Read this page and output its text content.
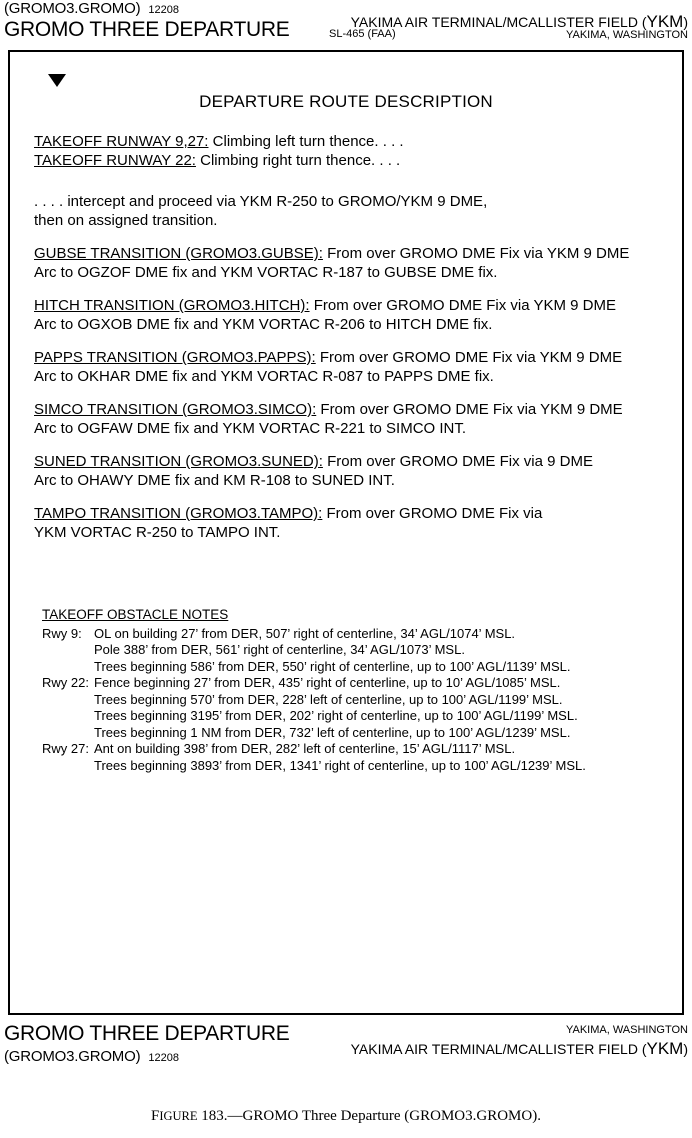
(GROMO3.GROMO) 12208
GROMO THREE DEPARTURE	SL-465 (FAA)
YAKIMA AIR TERMINAL/MCALLISTER FIELD (YKM)
YAKIMA, WASHINGTON
DEPARTURE ROUTE DESCRIPTION
TAKEOFF RUNWAY 9,27: Climbing left turn thence. . . .
TAKEOFF RUNWAY 22: Climbing right turn thence. . . .
. . . . intercept and proceed via YKM R-250 to GROMO/YKM 9 DME,
then on assigned transition.
GUBSE TRANSITION (GROMO3.GUBSE): From over GROMO DME Fix via YKM 9 DME
Arc to OGZOF DME fix and YKM VORTAC R-187 to GUBSE DME fix.
HITCH TRANSITION (GROMO3.HITCH): From over GROMO DME Fix via YKM 9 DME
Arc to OGXOB DME fix and YKM VORTAC R-206 to HITCH DME fix.
PAPPS TRANSITION (GROMO3.PAPPS): From over GROMO DME Fix via YKM 9 DME
Arc to OKHAR DME fix and YKM VORTAC R-087 to PAPPS DME fix.
SIMCO TRANSITION (GROMO3.SIMCO): From over GROMO DME Fix via YKM 9 DME
Arc to OGFAW DME fix and YKM VORTAC R-221 to SIMCO INT.
SUNED TRANSITION (GROMO3.SUNED): From over GROMO DME Fix via 9 DME
Arc to OHAWY DME fix and KM R-108 to SUNED INT.
TAMPO TRANSITION (GROMO3.TAMPO): From over GROMO DME Fix via
YKM VORTAC R-250 to TAMPO INT.
TAKEOFF OBSTACLE NOTES
Rwy 9: OL on building 27’ from DER, 507’ right of centerline, 34’ AGL/1074’ MSL.
Pole 388’ from DER, 561’ right of centerline, 34’ AGL/1073’ MSL.
Trees beginning 586’ from DER, 550’ right of centerline, up to 100’ AGL/1139’ MSL.
Rwy 22: Fence beginning 27’ from DER, 435’ right of centerline, up to 10’ AGL/1085’ MSL.
Trees beginning 570’ from DER, 228’ left of centerline, up to 100’ AGL/1199’ MSL.
Trees beginning 3195’ from DER, 202’ right of centerline, up to 100’ AGL/1199’ MSL.
Trees beginning 1 NM from DER, 732’ left of centerline, up to 100’ AGL/1239’ MSL.
Rwy 27: Ant on building 398’ from DER, 282’ left of centerline, 15’ AGL/1117’ MSL.
Trees beginning 3893’ from DER, 1341’ right of centerline, up to 100’ AGL/1239’ MSL.
GROMO THREE DEPARTURE
(GROMO3.GROMO) 12208
YAKIMA, WASHINGTON
YAKIMA AIR TERMINAL/MCALLISTER FIELD (YKM)
FIGURE 183.—GROMO Three Departure (GROMO3.GROMO).
